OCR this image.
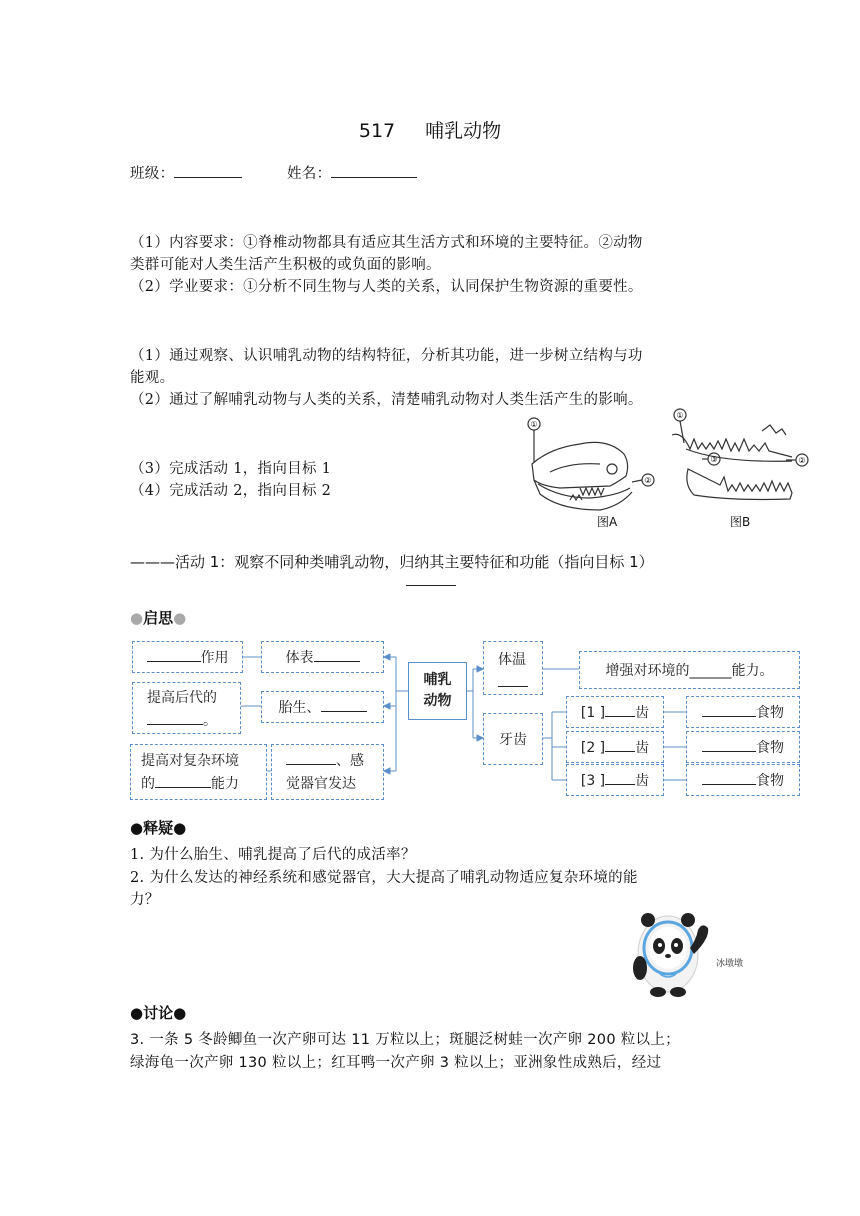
517 哺乳动物
班级：	姓名：
（1）内容要求：①脊椎动物都具有适应其生活方式和环境的主要特征。②动物
类群可能对人类生活产生积极的或负面的影响。
（2）学业要求：①分析不同生物与人类的关系，认同保护生物资源的重要性。
（1）通过观察、认识哺乳动物的结构特征，分析其功能，进一步树立结构与功
能观。
（2）通过了解哺乳动物与人类的关系，清楚哺乳动物对人类生活产生的影响。
（3）完成活动 1，指向目标 1
（4）完成活动 2，指向目标 2
①
②
图A
①
③	②
图B
———活动 1：观察不同种类哺乳动物，归纳其主要特征和功能（指向目标 1）
●启思●
作用
提高后代的
。
提高对复杂环境
的	能力
体表
胎生、
、感
觉器官发达
哺乳
动物
体温
增强对环境的______能力。
牙齿
[1 ] 齿
[2 ] 齿
[3 ] 齿
食物
食物
食物
●释疑●
1. 为什么胎生、哺乳提高了后代的成活率？
2. 为什么发达的神经系统和感觉器官，大大提高了哺乳动物适应复杂环境的能
力？
冰墩墩
●讨论●
3. 一条 5 冬龄鲫鱼一次产卵可达 11 万粒以上；斑腿泛树蛙一次产卵 200 粒以上；
绿海龟一次产卵 130 粒以上；红耳鸭一次产卵 3 粒以上；亚洲象性成熟后，经过
